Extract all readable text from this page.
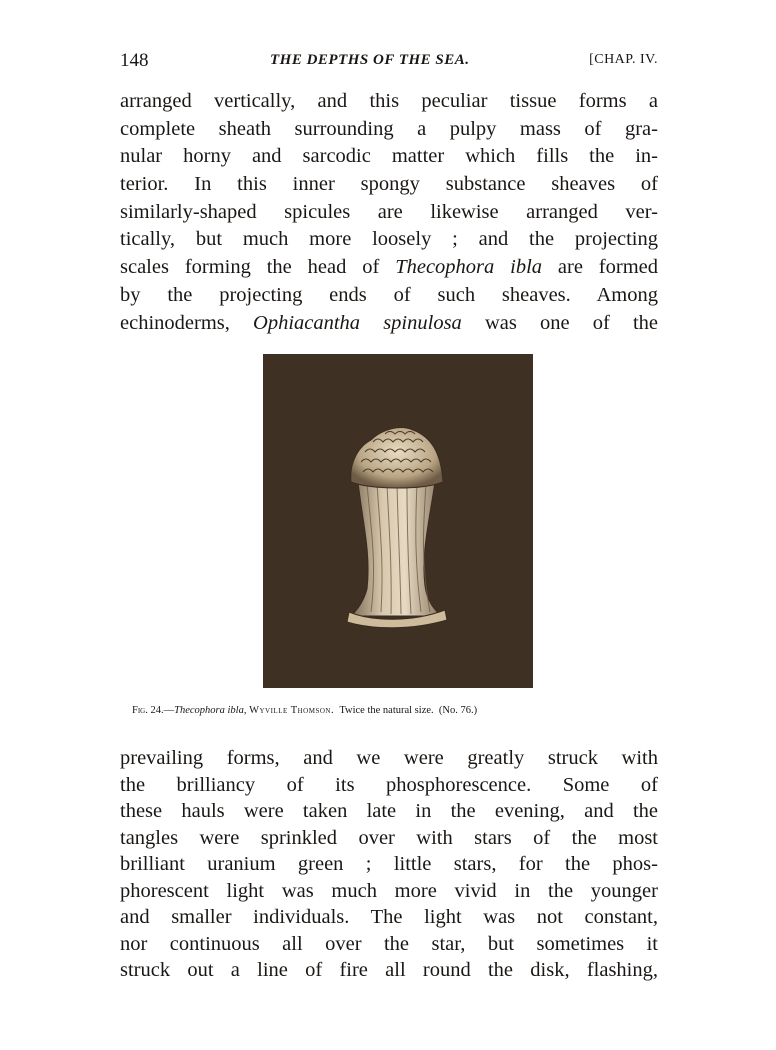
148	THE DEPTHS OF THE SEA.	[CHAP. IV.
arranged vertically, and this peculiar tissue forms a
complete sheath surrounding a pulpy mass of gra-
nular horny and sarcodic matter which fills the in-
terior. In this inner spongy substance sheaves of
similarly-shaped spicules are likewise arranged ver-
tically, but much more loosely ; and the projecting
scales forming the head of Thecophora ibla are formed
by the projecting ends of such sheaves. Among
echinoderms, Ophiacantha spinulosa was one of the
Fig. 24.—Thecophora ibla, Wyville Thomson. Twice the natural size. (No. 76.)
prevailing forms, and we were greatly struck with
the brilliancy of its phosphorescence. Some of
these hauls were taken late in the evening, and the
tangles were sprinkled over with stars of the most
brilliant uranium green ; little stars, for the phos-
phorescent light was much more vivid in the younger
and smaller individuals. The light was not constant,
nor continuous all over the star, but sometimes it
struck out a line of fire all round the disk, flashing,
